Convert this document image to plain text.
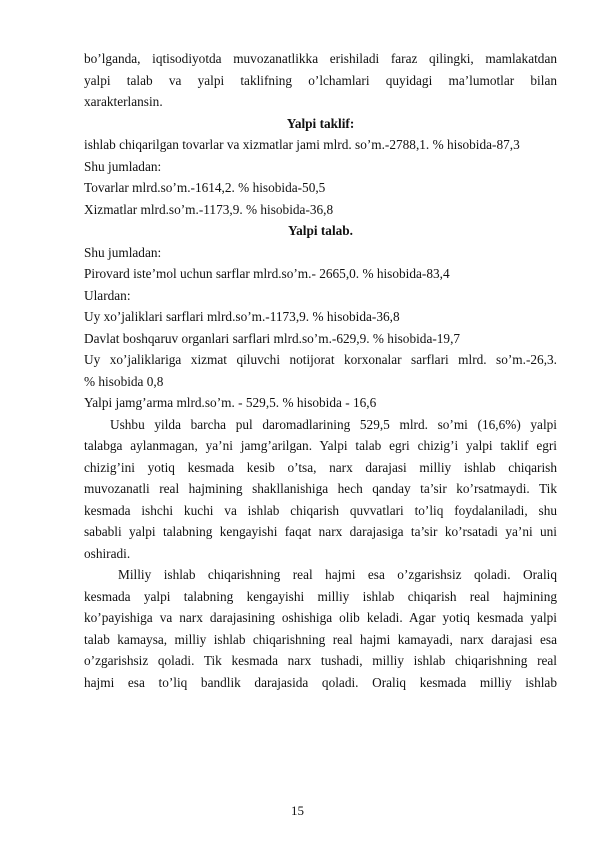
bo’lganda, iqtisodiyotda muvozanatlikka erishiladi faraz qilingki, mamlakatdan
yalpi talab va yalpi taklifning o’lchamlari quyidagi ma’lumotlar bilan
xarakterlansin.
Yalpi taklif:
ishlab chiqarilgan tovarlar va xizmatlar jami mlrd. so’m.-2788,1. % hisobida-87,3
Shu jumladan:
Tovarlar mlrd.so’m.-1614,2. % hisobida-50,5
Xizmatlar mlrd.so’m.-1173,9. % hisobida-36,8
Yalpi talab.
Shu jumladan:
Pirovard iste’mol uchun sarflar mlrd.so’m.- 2665,0. % hisobida-83,4
Ulardan:
Uy xo’jaliklari sarflari mlrd.so’m.-1173,9. % hisobida-36,8
Davlat boshqaruv organlari sarflari mlrd.so’m.-629,9. % hisobida-19,7
Uy xo’jaliklariga xizmat qiluvchi notijorat korxonalar sarflari mlrd. so’m.-26,3.
% hisobida 0,8
Yalpi jamg’arma mlrd.so’m. - 529,5. % hisobida - 16,6
Ushbu yilda barcha pul daromadlarining 529,5 mlrd. so’mi (16,6%) yalpi
talabga aylanmagan, ya’ni jamg’arilgan. Yalpi talab egri chizig’i yalpi taklif egri
chizig’ini yotiq kesmada kesib o’tsa, narx darajasi milliy ishlab chiqarish
muvozanatli real hajmining shakllanishiga hech qanday ta’sir ko’rsatmaydi. Tik
kesmada ishchi kuchi va ishlab chiqarish quvvatlari to’liq foydalaniladi, shu
sababli yalpi talabning kengayishi faqat narx darajasiga ta’sir ko’rsatadi ya’ni uni
oshiradi.
Milliy ishlab chiqarishning real hajmi esa o’zgarishsiz qoladi. Oraliq
kesmada yalpi talabning kengayishi milliy ishlab chiqarish real hajmining
ko’payishiga va narx darajasining oshishiga olib keladi. Agar yotiq kesmada yalpi
talab kamaysa, milliy ishlab chiqarishning real hajmi kamayadi, narx darajasi esa
o’zgarishsiz qoladi. Tik kesmada narx tushadi, milliy ishlab chiqarishning real
hajmi esa to’liq bandlik darajasida qoladi. Oraliq kesmada milliy ishlab
15
